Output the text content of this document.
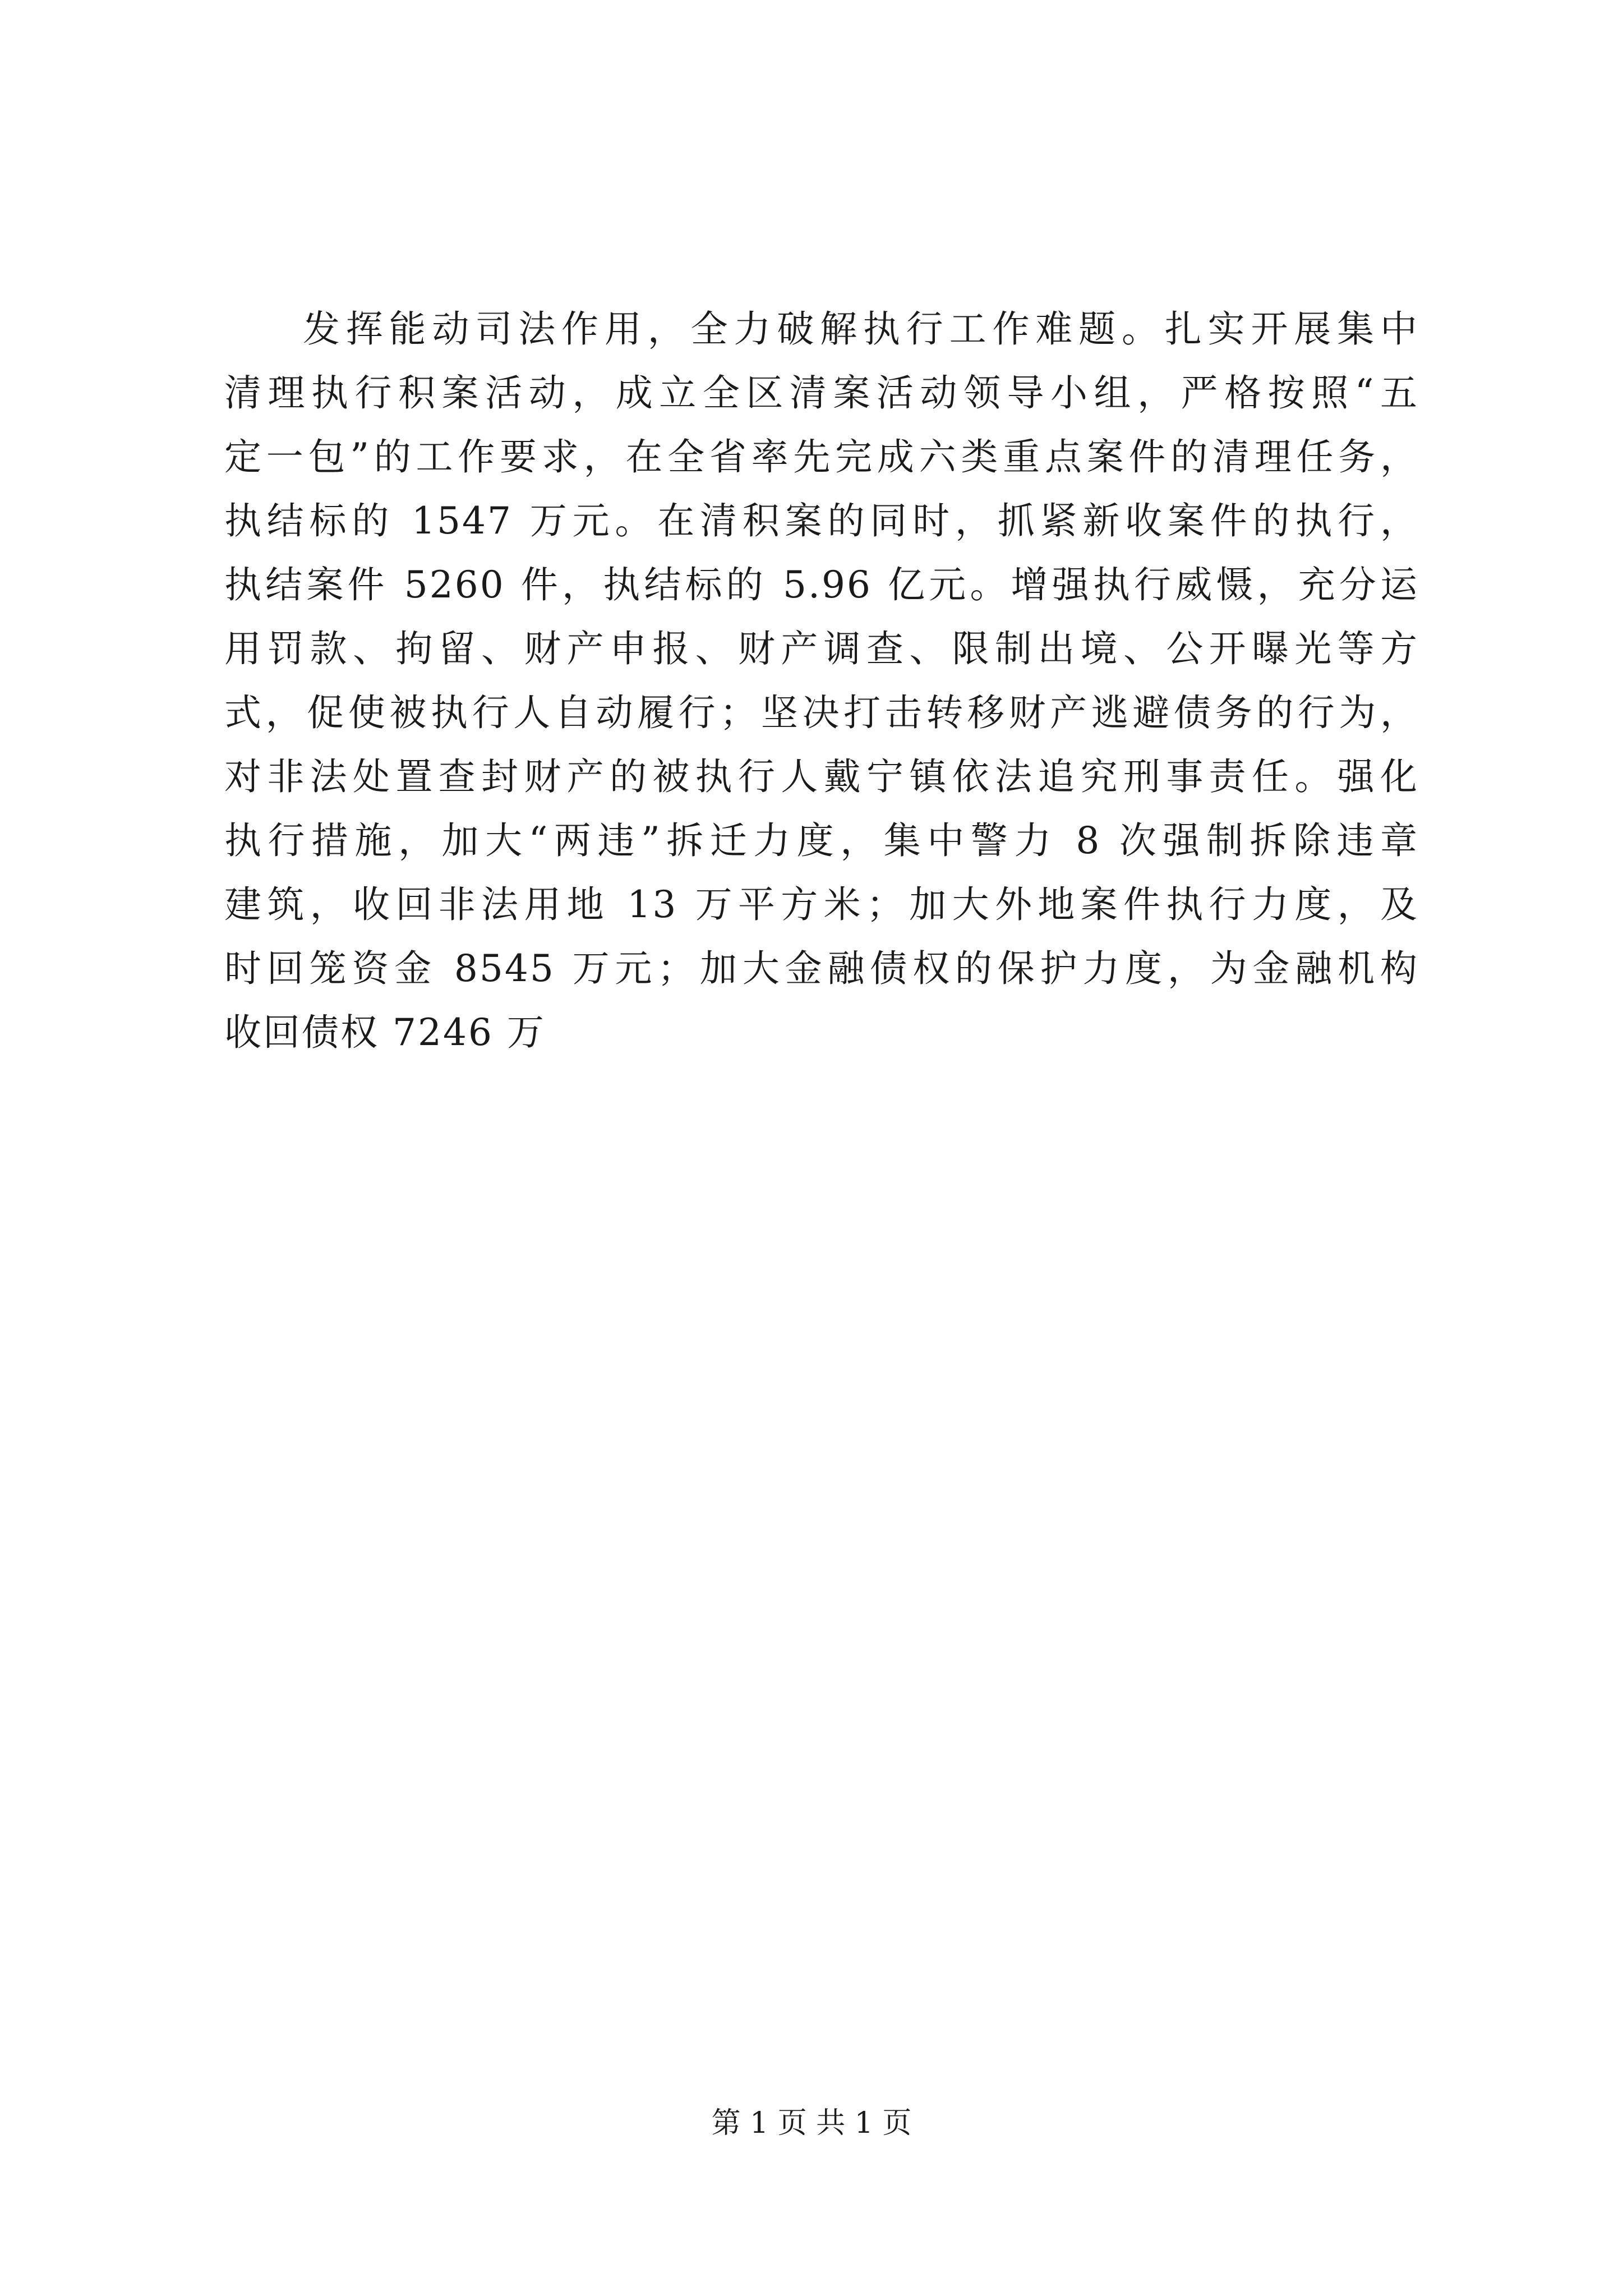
发挥能动司法作用，全力破解执行工作难题。扎实开展集中
清理执行积案活动，成立全区清案活动领导小组，严格按照“五
定一包”的工作要求，在全省率先完成六类重点案件的清理任务，
执结标的 1547 万元。在清积案的同时，抓紧新收案件的执行，
执结案件 5260 件，执结标的 5.96 亿元。增强执行威慑，充分运
用罚款、拘留、财产申报、财产调查、限制出境、公开曝光等方
式，促使被执行人自动履行；坚决打击转移财产逃避债务的行为，
对非法处置查封财产的被执行人戴宁镇依法追究刑事责任。强化
执行措施，加大“两违”拆迁力度，集中警力 8 次强制拆除违章
建筑，收回非法用地 13 万平方米；加大外地案件执行力度，及
时回笼资金 8545 万元；加大金融债权的保护力度，为金融机构
收回债权 7246 万
第 1 页 共 1 页
